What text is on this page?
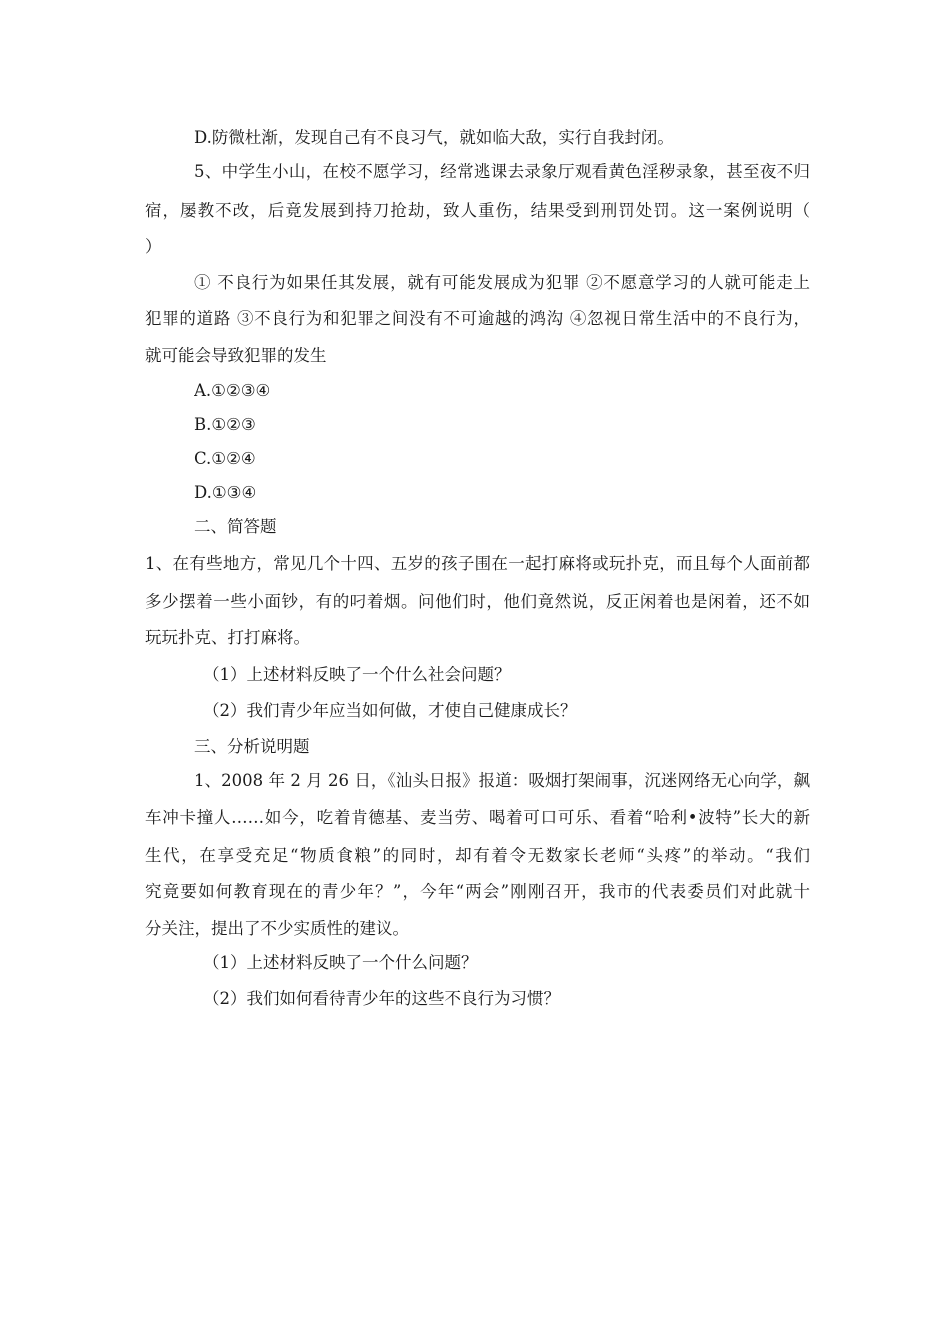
D.防微杜渐，发现自己有不良习气，就如临大敌，实行自我封闭。
5、中学生小山，在校不愿学习，经常逃课去录象厅观看黄色淫秽录象，甚至夜不归
宿，屡教不改，后竟发展到持刀抢劫，致人重伤，结果受到刑罚处罚。这一案例说明（
）
① 不良行为如果任其发展，就有可能发展成为犯罪 ②不愿意学习的人就可能走上
犯罪的道路 ③不良行为和犯罪之间没有不可逾越的鸿沟 ④忽视日常生活中的不良行为，
就可能会导致犯罪的发生
A.①②③④
B.①②③
C.①②④
D.①③④
二、简答题
1、在有些地方，常见几个十四、五岁的孩子围在一起打麻将或玩扑克，而且每个人面前都
多少摆着一些小面钞，有的叼着烟。问他们时，他们竟然说，反正闲着也是闲着，还不如
玩玩扑克、打打麻将。
（1）上述材料反映了一个什么社会问题？
（2）我们青少年应当如何做，才使自己健康成长？
三、分析说明题
1、2008 年 2 月 26 日，《汕头日报》报道：吸烟打架闹事，沉迷网络无心向学，飙
车冲卡撞人……如今，吃着肯德基、麦当劳、喝着可口可乐、看着“哈利•波特”长大的新
生代，在享受充足“物质食粮”的同时，却有着令无数家长老师“头疼”的举动。“我们
究竟要如何教育现在的青少年？”，今年“两会”刚刚召开，我市的代表委员们对此就十
分关注，提出了不少实质性的建议。
（1）上述材料反映了一个什么问题？
（2）我们如何看待青少年的这些不良行为习惯？
